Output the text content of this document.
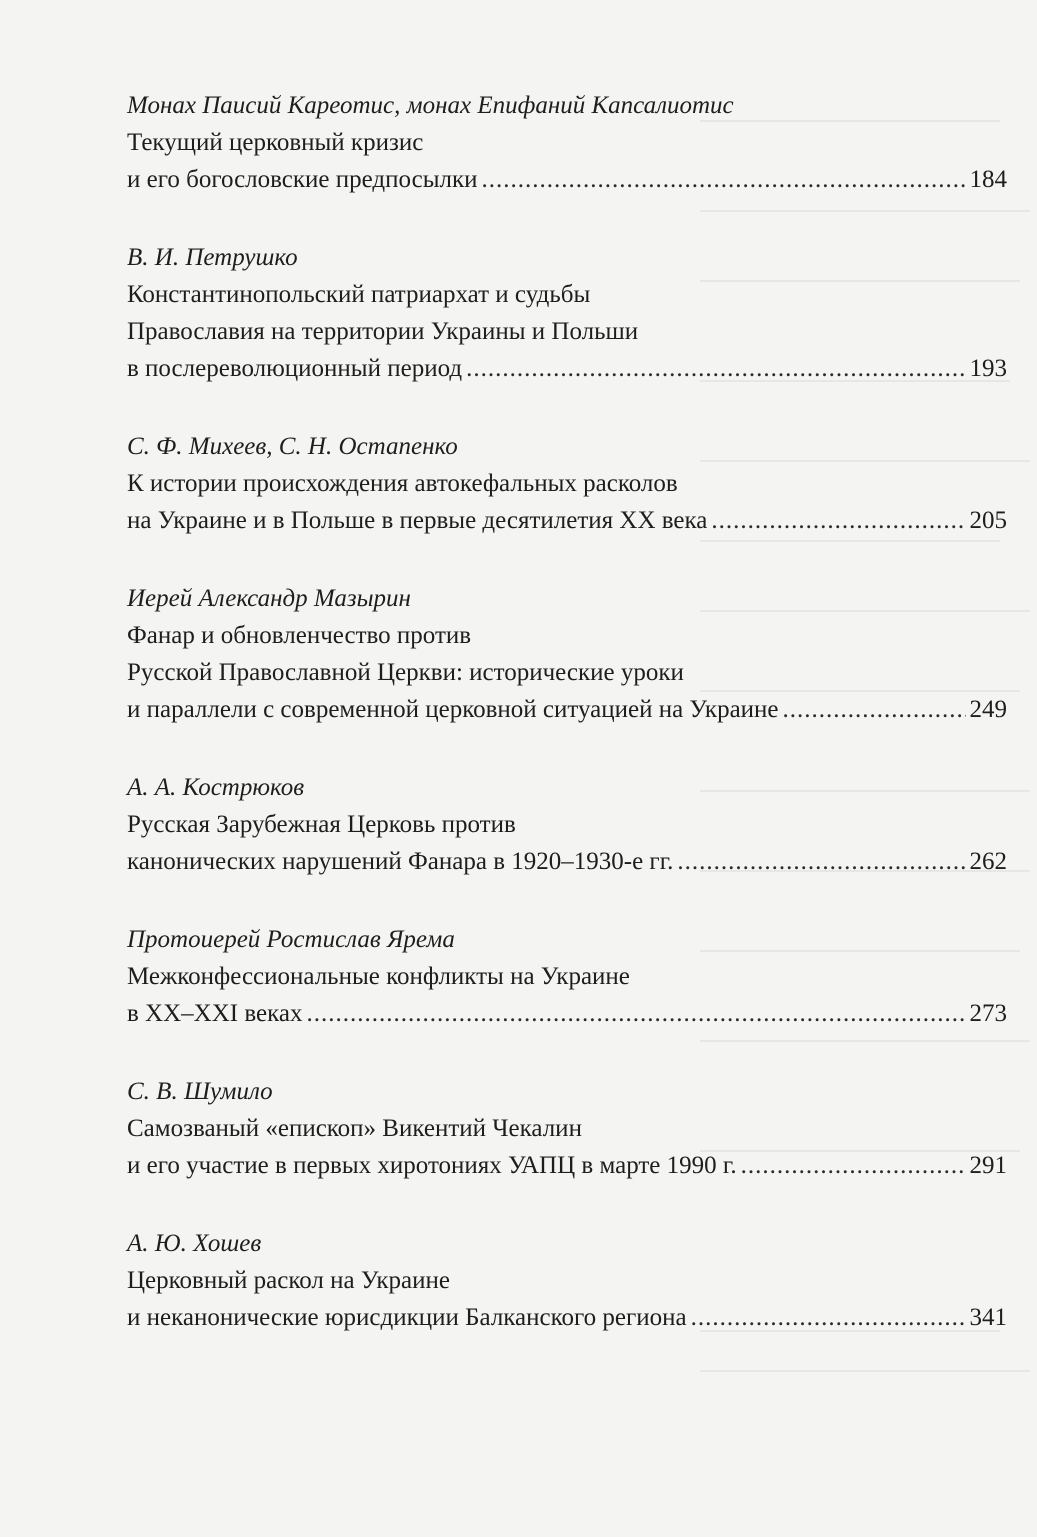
Монах Паисий Кареотис, монах Епифаний Капсалиотис
Текущий церковный кризис
и его богословские предпосылки .....	184
В. И. Петрушко
Константинопольский патриархат и судьбы
Православия на территории Украины и Польши
в послереволюционный период .....	193
С. Ф. Михеев, С. Н. Остапенко
К истории происхождения автокефальных расколов
на Украине и в Польше в первые десятилетия XX века .....	205
Иерей Александр Мазырин
Фанар и обновленчество против
Русской Православной Церкви: исторические уроки
и параллели с современной церковной ситуацией на Украине .....	249
А. А. Кострюков
Русская Зарубежная Церковь против
канонических нарушений Фанара в 1920–1930-е гг. .....	262
Протоиерей Ростислав Ярема
Межконфессиональные конфликты на Украине
в XX–XXI веках .....	273
С. В. Шумило
Самозваный «епископ» Викентий Чекалин
и его участие в первых хиротониях УАПЦ в марте 1990 г. .....	291
А. Ю. Хошев
Церковный раскол на Украине
и неканонические юрисдикции Балканского региона .....	341
